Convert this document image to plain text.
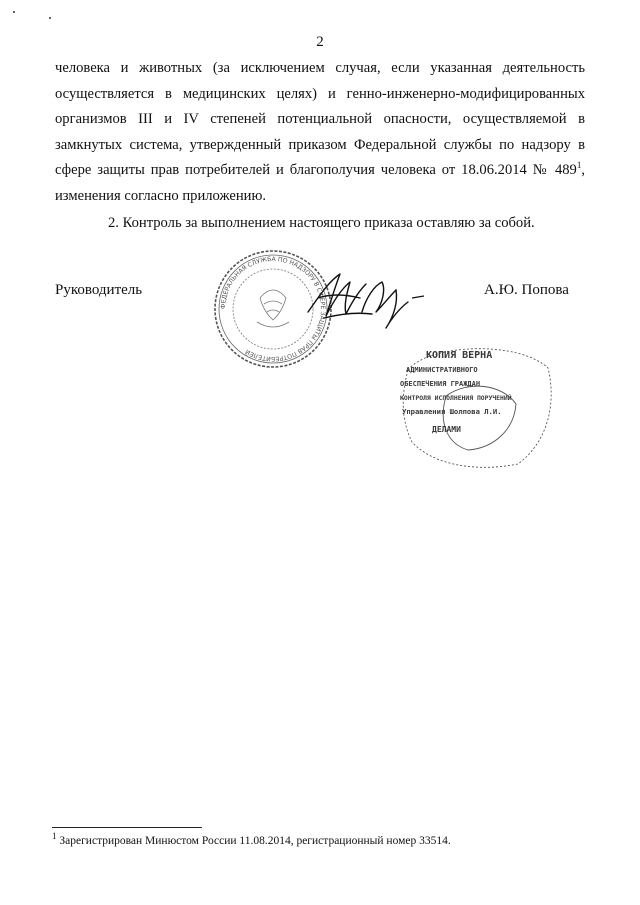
2

человека и животных (за исключением случая, если указанная деятельность осуществляется в медицинских целях) и генно-инженерно-модифицированных организмов III и IV степеней потенциальной опасности, осуществляемой в замкнутых система, утвержденный приказом Федеральной службы по надзору в сфере защиты прав потребителей и благополучия человека от 18.06.2014 № $489^1$, изменения согласно приложению.

2. Контроль за выполнением настоящего приказа оставляю за собой.

Руководитель	А.Ю. Попова
ФЕДЕРАЛЬНАЯ СЛУЖБА ПО НАДЗОРУ В СФЕРЕ ЗАЩИТЫ ПРАВ ПОТРЕБИТЕЛЕЙ	КОПИЯ ВЕРНА
АДМИНИСТРАТИВНОГО
ОБЕСПЕЧЕНИЯ ГРАЖДАН
КОНТРОЛЯ ИСПОЛНЕНИЯ ПОРУЧЕНИЙ
Управления Шолпова Л.И.
ДЕЛАМИ
$^1$ Зарегистрирован Минюстом России 11.08.2014, регистрационный номер 33514.
